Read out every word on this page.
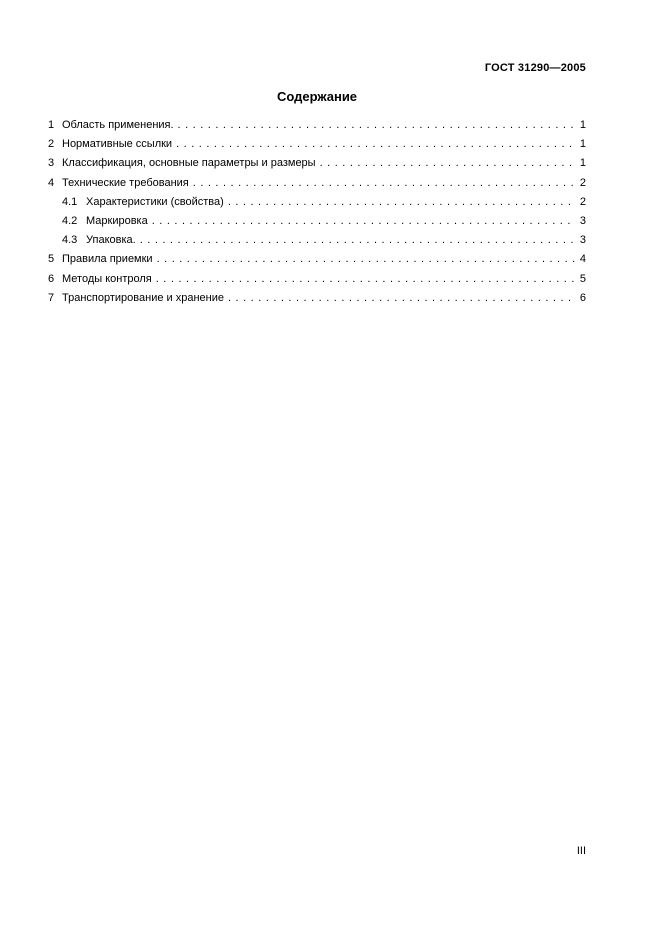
ГОСТ 31290—2005
Содержание
1 Область применения. .....	1
2 Нормативные ссылки .....	1
3 Классификация, основные параметры и размеры .....	1
4 Технические требования .....	2
4.1 Характеристики (свойства) .....	2
4.2 Маркировка .....	3
4.3 Упаковка. .....	3
5 Правила приемки .....	4
6 Методы контроля .....	5
7 Транспортирование и хранение .....	6
III
